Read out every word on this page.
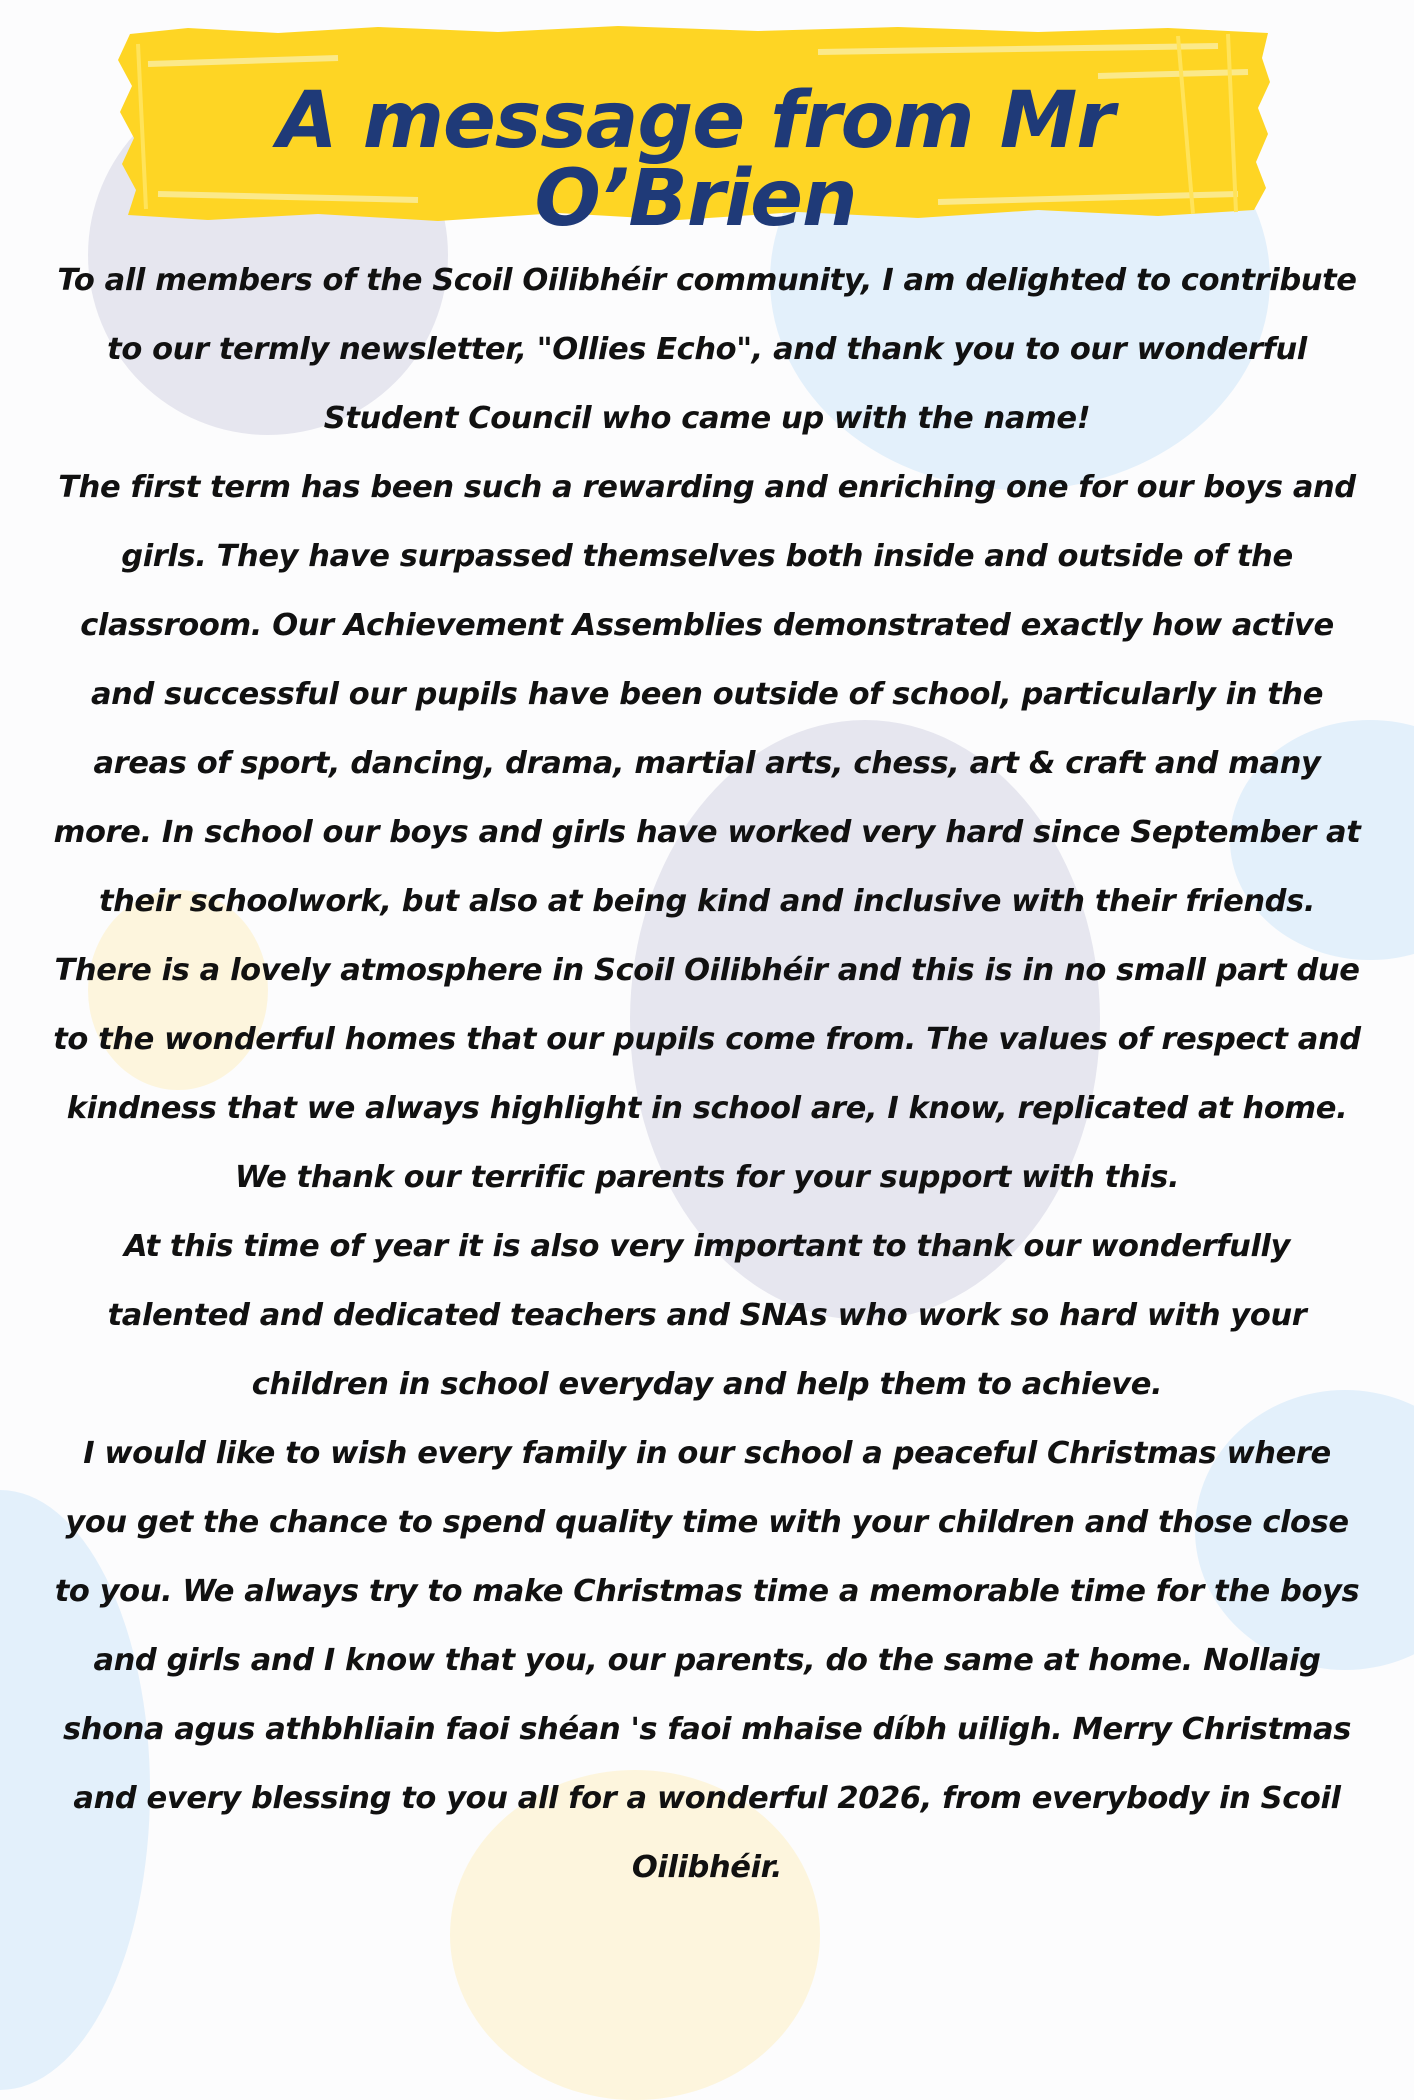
A message from Mr O’Brien

To all members of the Scoil Oilibhéir community, I am delighted to contribute to our termly newsletter, "Ollies Echo", and thank you to our wonderful Student Council who came up with the name!

The first term has been such a rewarding and enriching one for our boys and girls. They have surpassed themselves both inside and outside of the classroom. Our Achievement Assemblies demonstrated exactly how active and successful our pupils have been outside of school, particularly in the areas of sport, dancing, drama, martial arts, chess, art & craft and many more. In school our boys and girls have worked very hard since September at their schoolwork, but also at being kind and inclusive with their friends. There is a lovely atmosphere in Scoil Oilibhéir and this is in no small part due to the wonderful homes that our pupils come from. The values of respect and kindness that we always highlight in school are, I know, replicated at home. We thank our terrific parents for your support with this.

At this time of year it is also very important to thank our wonderfully talented and dedicated teachers and SNAs who work so hard with your children in school everyday and help them to achieve.

I would like to wish every family in our school a peaceful Christmas where you get the chance to spend quality time with your children and those close to you. We always try to make Christmas time a memorable time for the boys and girls and I know that you, our parents, do the same at home. Nollaig shona agus athbhliain faoi shéan 's faoi mhaise díbh uiligh. Merry Christmas and every blessing to you all for a wonderful 2026, from everybody in Scoil Oilibhéir.
